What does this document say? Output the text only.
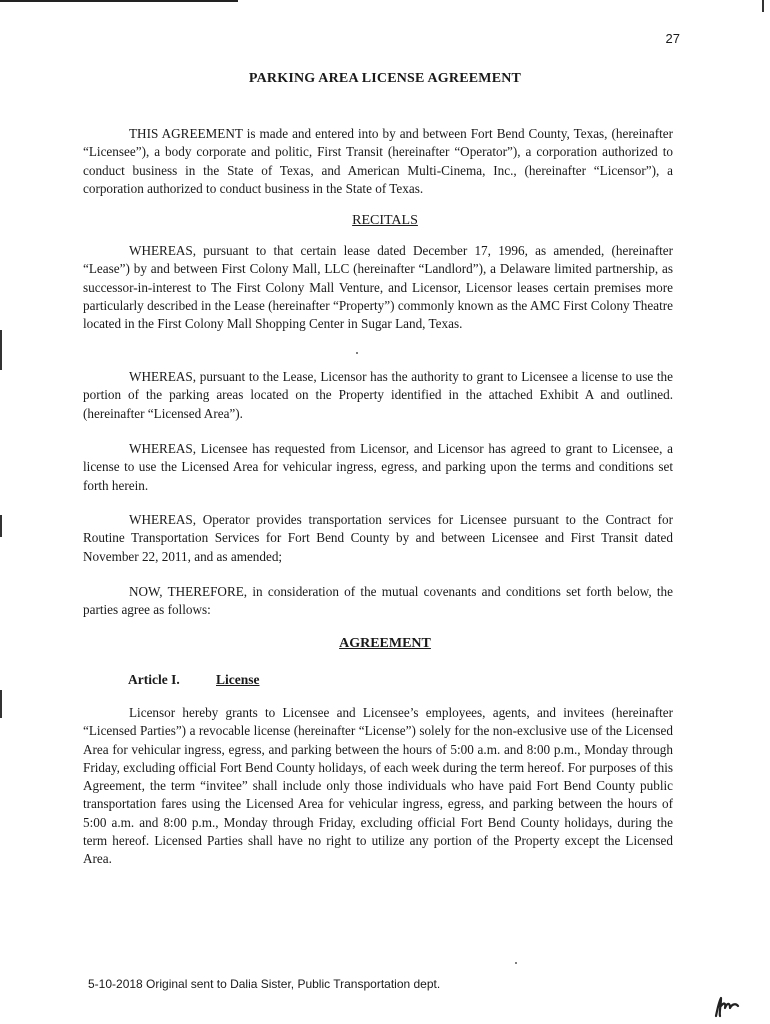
27
PARKING AREA LICENSE AGREEMENT

THIS AGREEMENT is made and entered into by and between Fort Bend County, Texas, (hereinafter “Licensee”), a body corporate and politic, First Transit (hereinafter “Operator”), a corporation authorized to conduct business in the State of Texas, and American Multi-Cinema, Inc., (hereinafter “Licensor”), a corporation authorized to conduct business in the State of Texas.

RECITALS

WHEREAS, pursuant to that certain lease dated December 17, 1996, as amended, (hereinafter “Lease”) by and between First Colony Mall, LLC (hereinafter “Landlord”), a Delaware limited partnership, as successor-in-interest to The First Colony Mall Venture, and Licensor, Licensor leases certain premises more particularly described in the Lease (hereinafter “Property”) commonly known as the AMC First Colony Theatre located in the First Colony Mall Shopping Center in Sugar Land, Texas.

WHEREAS, pursuant to the Lease, Licensor has the authority to grant to Licensee a license to use the portion of the parking areas located on the Property identified in the attached Exhibit A and outlined. (hereinafter “Licensed Area”).

WHEREAS, Licensee has requested from Licensor, and Licensor has agreed to grant to Licensee, a license to use the Licensed Area for vehicular ingress, egress, and parking upon the terms and conditions set forth herein.

WHEREAS, Operator provides transportation services for Licensee pursuant to the Contract for Routine Transportation Services for Fort Bend County by and between Licensee and First Transit dated November 22, 2011, and as amended;

NOW, THEREFORE, in consideration of the mutual covenants and conditions set forth below, the parties agree as follows:

AGREEMENT
Article I.	License

Licensor hereby grants to Licensee and Licensee’s employees, agents, and invitees (hereinafter “Licensed Parties”) a revocable license (hereinafter “License”) solely for the non-exclusive use of the Licensed Area for vehicular ingress, egress, and parking between the hours of 5:00 a.m. and 8:00 p.m., Monday through Friday, excluding official Fort Bend County holidays, of each week during the term hereof. For purposes of this Agreement, the term “invitee” shall include only those individuals who have paid Fort Bend County public transportation fares using the Licensed Area for vehicular ingress, egress, and parking between the hours of 5:00 a.m. and 8:00 p.m., Monday through Friday, excluding official Fort Bend County holidays, during the term hereof. Licensed Parties shall have no right to utilize any portion of the Property except the Licensed Area.

5-10-2018 Original sent to Dalia Sister, Public Transportation dept.
